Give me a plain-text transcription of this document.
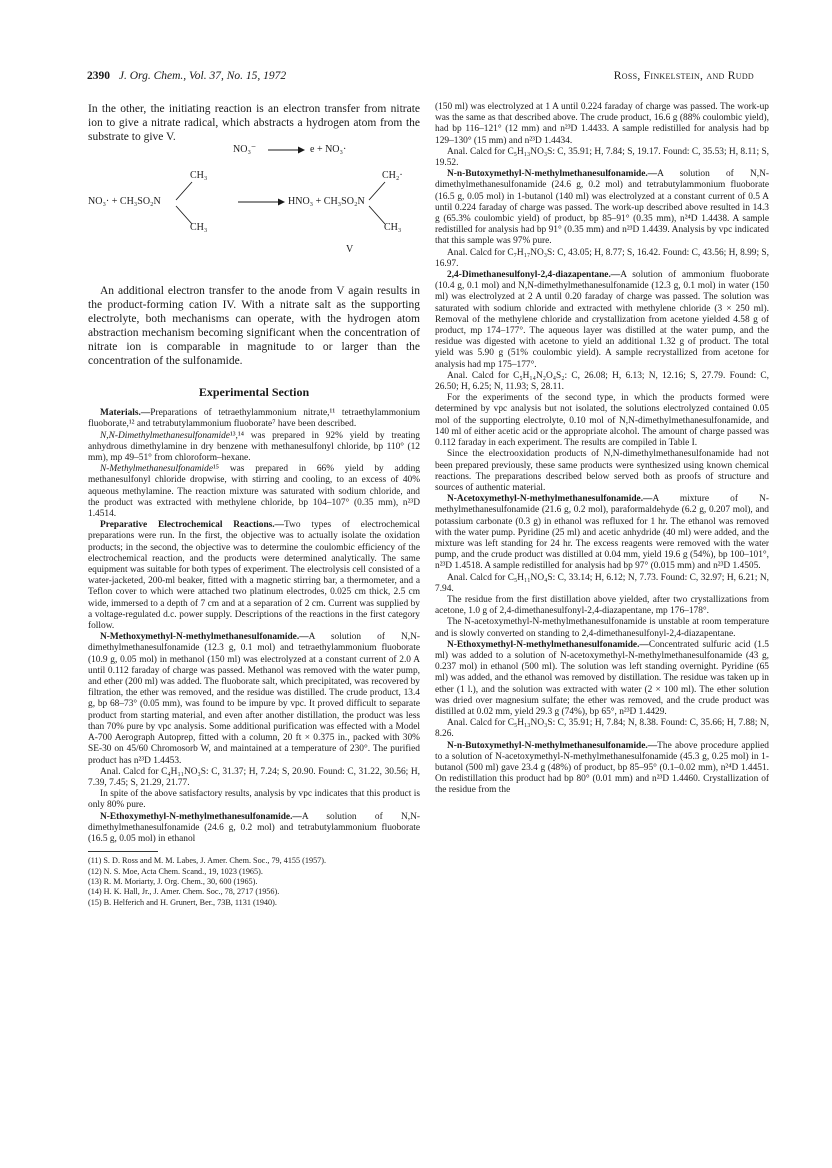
2390 J. Org. Chem., Vol. 37, No. 15, 1972	Ross, Finkelstein, and Rudd

In the other, the initiating reaction is an electron transfer from nitrate ion to give a nitrate radical, which abstracts a hydrogen atom from the substrate to give V.

NO₃⁻	e + NO₃·
CH₃
NO₃· + CH₃SO₂N
CH₃
HNO₃ + CH₃SO₂N
CH₂·
CH₃
V

An additional electron transfer to the anode from V again results in the product-forming cation IV. With a nitrate salt as the supporting electrolyte, both mechanisms can operate, with the hydrogen atom abstraction mechanism becoming significant when the concentration of nitrate ion is comparable in magnitude to or larger than the concentration of the sulfonamide.

Experimental Section

Materials.—Preparations of tetraethylammonium nitrate,¹¹ tetraethylammonium fluoborate,¹² and tetrabutylammonium fluoborate⁷ have been described.

N,N-Dimethylmethanesulfonamide¹³,¹⁴ was prepared in 92% yield by treating anhydrous dimethylamine in dry benzene with methanesulfonyl chloride, bp 110° (12 mm), mp 49–51° from chloroform–hexane.

N-Methylmethanesulfonamide¹⁵ was prepared in 66% yield by adding methanesulfonyl chloride dropwise, with stirring and cooling, to an excess of 40% aqueous methylamine. The reaction mixture was saturated with sodium chloride, and the product was extracted with methylene chloride, bp 104–107° (0.35 mm), n²³D 1.4514.

Preparative Electrochemical Reactions.—Two types of electrochemical preparations were run. In the first, the objective was to actually isolate the oxidation products; in the second, the objective was to determine the coulombic efficiency of the electrochemical reaction, and the products were determined analytically. The same equipment was suitable for both types of experiment. The electrolysis cell consisted of a water-jacketed, 200-ml beaker, fitted with a magnetic stirring bar, a thermometer, and a Teflon cover to which were attached two platinum electrodes, 0.025 cm thick, 2.5 cm wide, immersed to a depth of 7 cm and at a separation of 2 cm. Current was supplied by a voltage-regulated d.c. power supply. Descriptions of the reactions in the first category follow.

N-Methoxymethyl-N-methylmethanesulfonamide.—A solution of N,N-dimethylmethanesulfonamide (12.3 g, 0.1 mol) and tetraethylammonium fluoborate (10.9 g, 0.05 mol) in methanol (150 ml) was electrolyzed at a constant current of 2.0 A until 0.112 faraday of charge was passed. Methanol was removed with the water pump, and ether (200 ml) was added. The fluoborate salt, which precipitated, was recovered by filtration, the ether was removed, and the residue was distilled. The crude product, 13.4 g, bp 68–73° (0.05 mm), was found to be impure by vpc. It proved difficult to separate product from starting material, and even after another distillation, the product was less than 70% pure by vpc analysis. Some additional purification was effected with a Model A-700 Aerograph Autoprep, fitted with a column, 20 ft × 0.375 in., packed with 30% SE-30 on 45/60 Chromosorb W, and maintained at a temperature of 230°. The purified product has n²³D 1.4453.

Anal. Calcd for C₄H₁₁NO₃S: C, 31.37; H, 7.24; S, 20.90. Found: C, 31.22, 30.56; H, 7.39, 7.45; S, 21.29, 21.77.

In spite of the above satisfactory results, analysis by vpc indicates that this product is only 80% pure.

N-Ethoxymethyl-N-methylmethanesulfonamide.—A solution of N,N-dimethylmethanesulfonamide (24.6 g, 0.2 mol) and tetrabutylammonium fluoborate (16.5 g, 0.05 mol) in ethanol

(11) S. D. Ross and M. M. Labes, J. Amer. Chem. Soc., 79, 4155 (1957).
(12) N. S. Moe, Acta Chem. Scand., 19, 1023 (1965).
(13) R. M. Moriarty, J. Org. Chem., 30, 600 (1965).
(14) H. K. Hall, Jr., J. Amer. Chem. Soc., 78, 2717 (1956).
(15) B. Helferich and H. Grunert, Ber., 73B, 1131 (1940).

(150 ml) was electrolyzed at 1 A until 0.224 faraday of charge was passed. The work-up was the same as that described above. The crude product, 16.6 g (88% coulombic yield), had bp 116–121° (12 mm) and n²³D 1.4433. A sample redistilled for analysis had bp 129–130° (15 mm) and n²³D 1.4434.

Anal. Calcd for C₅H₁₃NO₃S: C, 35.91; H, 7.84; S, 19.17. Found: C, 35.53; H, 8.11; S, 19.52.

N-n-Butoxymethyl-N-methylmethanesulfonamide.—A solution of N,N-dimethylmethanesulfonamide (24.6 g, 0.2 mol) and tetrabutylammonium fluoborate (16.5 g, 0.05 mol) in 1-butanol (140 ml) was electrolyzed at a constant current of 0.5 A until 0.224 faraday of charge was passed. The work-up described above resulted in 14.3 g (65.3% coulombic yield) of product, bp 85–91° (0.35 mm), n²⁴D 1.4438. A sample redistilled for analysis had bp 91° (0.35 mm) and n²³D 1.4439. Analysis by vpc indicated that this sample was 97% pure.

Anal. Calcd for C₇H₁₇NO₃S: C, 43.05; H, 8.77; S, 16.42. Found: C, 43.56; H, 8.99; S, 16.97.

2,4-Dimethanesulfonyl-2,4-diazapentane.—A solution of ammonium fluoborate (10.4 g, 0.1 mol) and N,N-dimethylmethanesulfonamide (12.3 g, 0.1 mol) in water (150 ml) was electrolyzed at 2 A until 0.20 faraday of charge was passed. The solution was saturated with sodium chloride and extracted with methylene chloride (3 × 250 ml). Removal of the methylene chloride and crystallization from acetone yielded 4.58 g of product, mp 174–177°. The aqueous layer was distilled at the water pump, and the residue was digested with acetone to yield an additional 1.32 g of product. The total yield was 5.90 g (51% coulombic yield). A sample recrystallized from acetone for analysis had mp 175–177°.

Anal. Calcd for C₅H₁₄N₂O₄S₂: C, 26.08; H, 6.13; N, 12.16; S, 27.79. Found: C, 26.50; H, 6.25; N, 11.93; S, 28.11.

For the experiments of the second type, in which the products formed were determined by vpc analysis but not isolated, the solutions electrolyzed contained 0.05 mol of the supporting electrolyte, 0.10 mol of N,N-dimethylmethanesulfonamide, and 140 ml of either acetic acid or the appropriate alcohol. The amount of charge passed was 0.112 faraday in each experiment. The results are compiled in Table I.

Since the electrooxidation products of N,N-dimethylmethanesulfonamide had not been prepared previously, these same products were synthesized using known chemical reactions. The preparations described below served both as proofs of structure and sources of authentic material.

N-Acetoxymethyl-N-methylmethanesulfonamide.—A mixture of N-methylmethanesulfonamide (21.6 g, 0.2 mol), paraformaldehyde (6.2 g, 0.207 mol), and potassium carbonate (0.3 g) in ethanol was refluxed for 1 hr. The ethanol was removed with the water pump. Pyridine (25 ml) and acetic anhydride (40 ml) were added, and the mixture was left standing for 24 hr. The excess reagents were removed with the water pump, and the crude product was distilled at 0.04 mm, yield 19.6 g (54%), bp 100–101°, n²³D 1.4518. A sample redistilled for analysis had bp 97° (0.015 mm) and n²³D 1.4505.

Anal. Calcd for C₅H₁₁NO₄S: C, 33.14; H, 6.12; N, 7.73. Found: C, 32.97; H, 6.21; N, 7.94.

The residue from the first distillation above yielded, after two crystallizations from acetone, 1.0 g of 2,4-dimethanesulfonyl-2,4-diazapentane, mp 176–178°.

The N-acetoxymethyl-N-methylmethanesulfonamide is unstable at room temperature and is slowly converted on standing to 2,4-dimethanesulfonyl-2,4-diazapentane.

N-Ethoxymethyl-N-methylmethanesulfonamide.—Concentrated sulfuric acid (1.5 ml) was added to a solution of N-acetoxymethyl-N-methylmethanesulfonamide (43 g, 0.237 mol) in ethanol (500 ml). The solution was left standing overnight. Pyridine (65 ml) was added, and the ethanol was removed by distillation. The residue was taken up in ether (1 l.), and the solution was extracted with water (2 × 100 ml). The ether solution was dried over magnesium sulfate; the ether was removed, and the crude product was distilled at 0.02 mm, yield 29.3 g (74%), bp 65°, n²³D 1.4429.

Anal. Calcd for C₅H₁₃NO₃S: C, 35.91; H, 7.84; N, 8.38. Found: C, 35.66; H, 7.88; N, 8.26.

N-n-Butoxymethyl-N-methylmethanesulfonamide.—The above procedure applied to a solution of N-acetoxymethyl-N-methylmethanesulfonamide (45.3 g, 0.25 mol) in 1-butanol (500 ml) gave 23.4 g (48%) of product, bp 85–95° (0.1–0.02 mm), n²⁴D 1.4451. On redistillation this product had bp 80° (0.01 mm) and n²³D 1.4460. Crystallization of the residue from the
